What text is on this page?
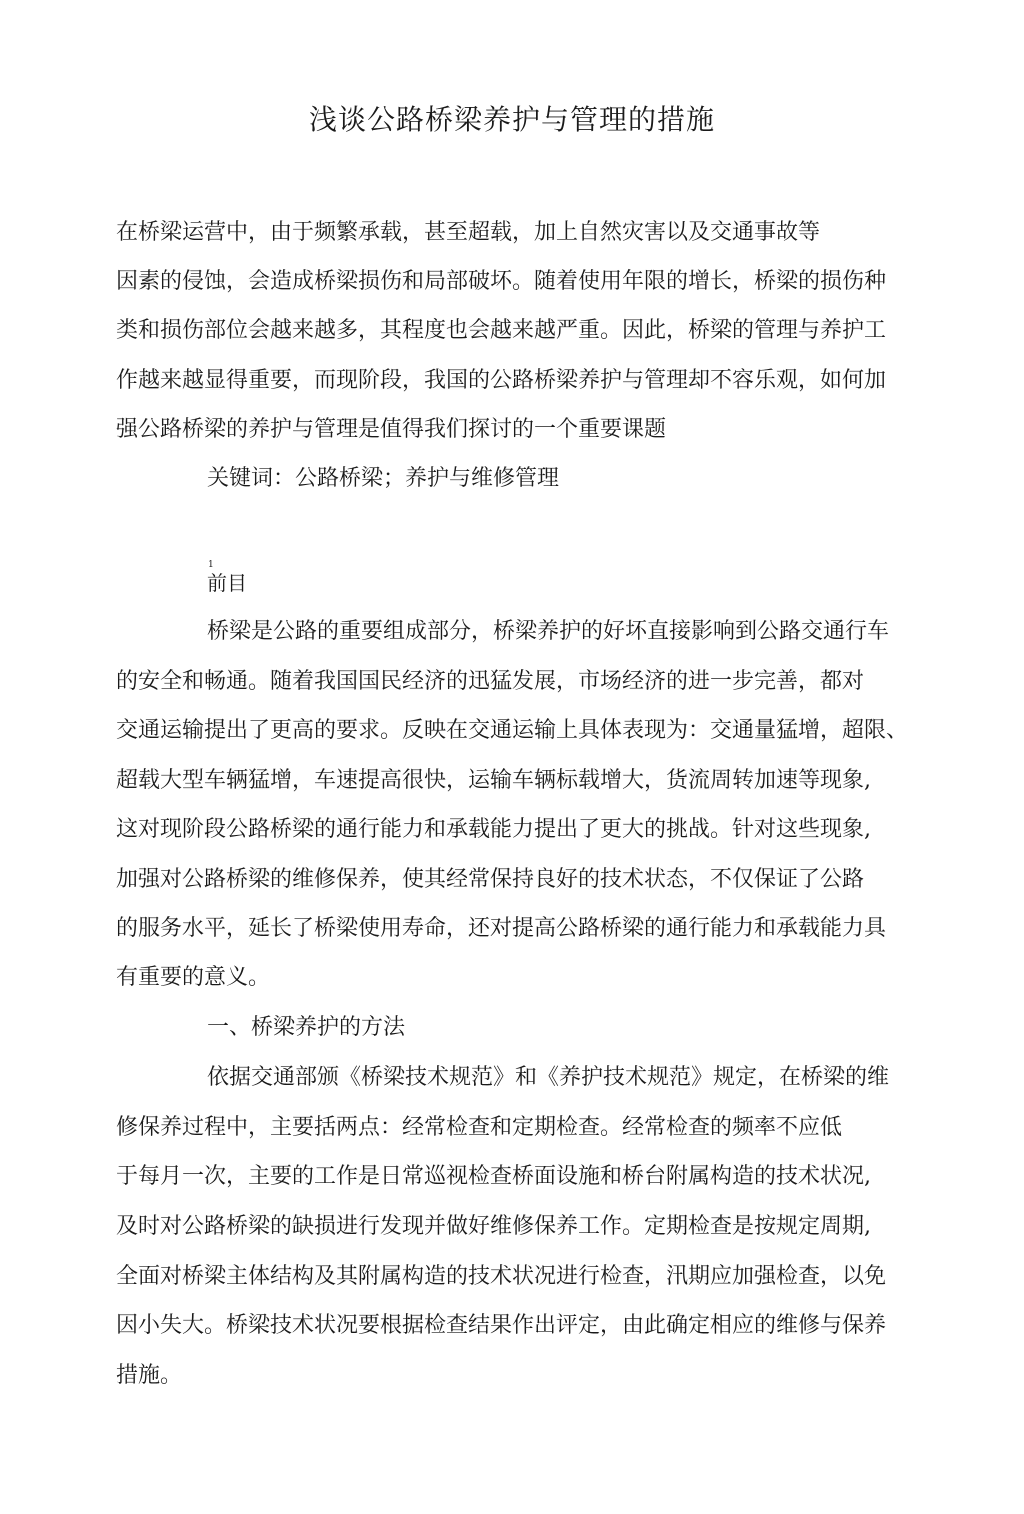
浅谈公路桥梁养护与管理的措施
在桥梁运营中，由于频繁承载，甚至超载，加上自然灾害以及交通事故等
因素的侵蚀，会造成桥梁损伤和局部破坏。随着使用年限的增长，桥梁的损伤种
类和损伤部位会越来越多，其程度也会越来越严重。因此，桥梁的管理与养护工
作越来越显得重要，而现阶段，我国的公路桥梁养护与管理却不容乐观，如何加
强公路桥梁的养护与管理是值得我们探讨的一个重要课题
关键词：公路桥梁；养护与维修管理
1
前目
桥梁是公路的重要组成部分，桥梁养护的好坏直接影响到公路交通行车
的安全和畅通。随着我国国民经济的迅猛发展，市场经济的进一步完善，都对
交通运输提出了更高的要求。反映在交通运输上具体表现为：交通量猛增，超限、
超载大型车辆猛增，车速提高很快，运输车辆标载增大，货流周转加速等现象,
这对现阶段公路桥梁的通行能力和承载能力提出了更大的挑战。针对这些现象,
加强对公路桥梁的维修保养，使其经常保持良好的技术状态，不仅保证了公路
的服务水平，延长了桥梁使用寿命，还对提高公路桥梁的通行能力和承载能力具
有重要的意义。
一、桥梁养护的方法
依据交通部颁《桥梁技术规范》和《养护技术规范》规定，在桥梁的维
修保养过程中，主要括两点：经常检查和定期检查。经常检查的频率不应低
于每月一次，主要的工作是日常巡视检查桥面设施和桥台附属构造的技术状况,
及时对公路桥梁的缺损进行发现并做好维修保养工作。定期检查是按规定周期,
全面对桥梁主体结构及其附属构造的技术状况进行检查，汛期应加强检查，以免
因小失大。桥梁技术状况要根据检查结果作出评定，由此确定相应的维修与保养
措施。
